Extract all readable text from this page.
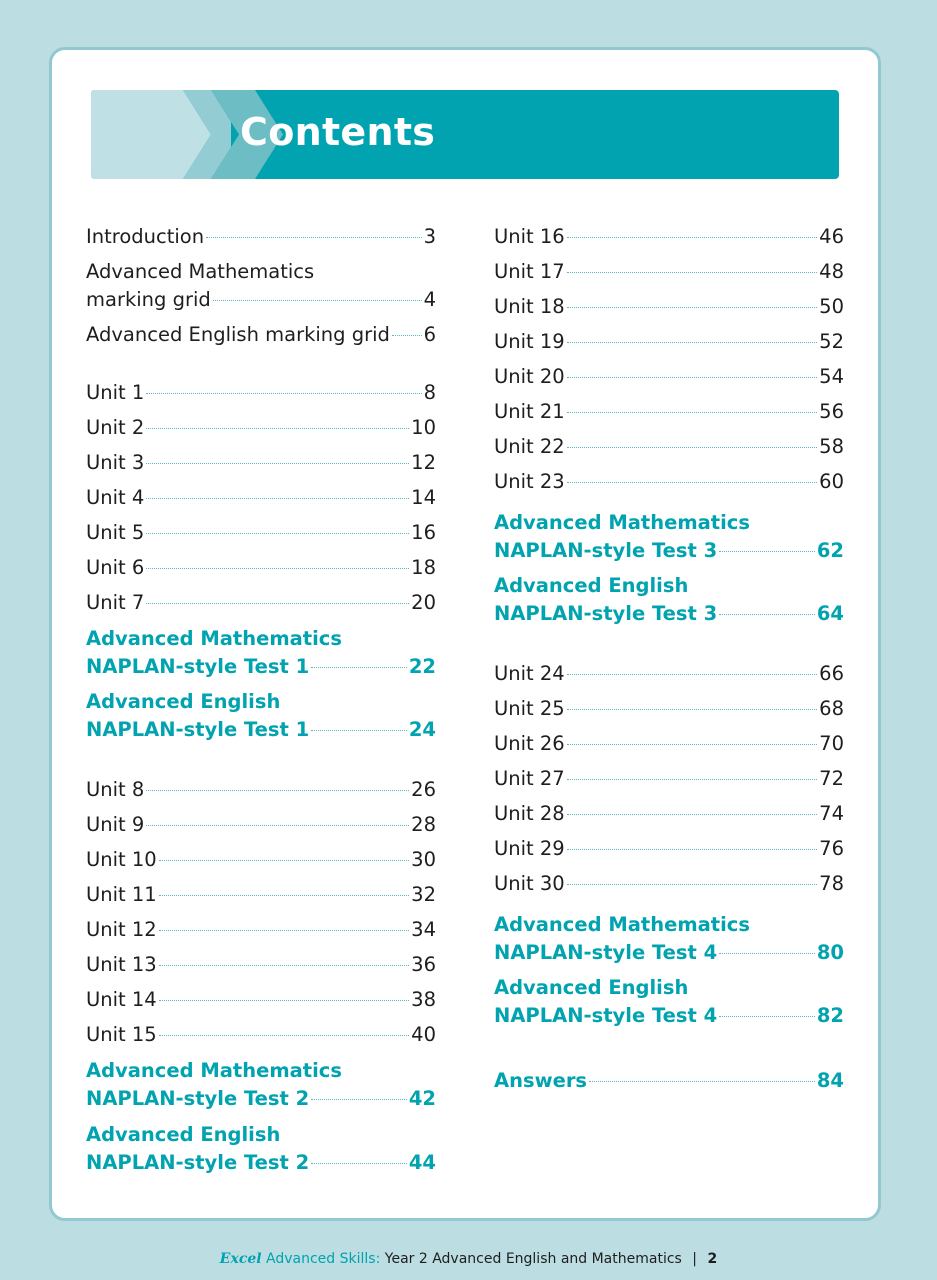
Contents
Introduction	3
Advanced Mathematics
marking grid	4
Advanced English marking grid 6
Unit 1	8
Unit 2	10
Unit 3	12
Unit 4	14
Unit 5	16
Unit 6	18
Unit 7	20
Advanced Mathematics
NAPLAN-style Test 1	22
Advanced English
NAPLAN-style Test 1	24
Unit 8	26
Unit 9	28
Unit 10	30
Unit 11	32
Unit 12	34
Unit 13	36
Unit 14	38
Unit 15	40
Advanced Mathematics
NAPLAN-style Test 2	42
Advanced English
NAPLAN-style Test 2	44
Unit 16	46
Unit 17	48
Unit 18	50
Unit 19	52
Unit 20	54
Unit 21	56
Unit 22	58
Unit 23	60
Advanced Mathematics
NAPLAN-style Test 3	62
Advanced English
NAPLAN-style Test 3	64
Unit 24	66
Unit 25	68
Unit 26	70
Unit 27	72
Unit 28	74
Unit 29	76
Unit 30	78
Advanced Mathematics
NAPLAN-style Test 4	80
Advanced English
NAPLAN-style Test 4	82
Answers	84
Excel Advanced Skills: Year 2 Advanced English and Mathematics | 2
